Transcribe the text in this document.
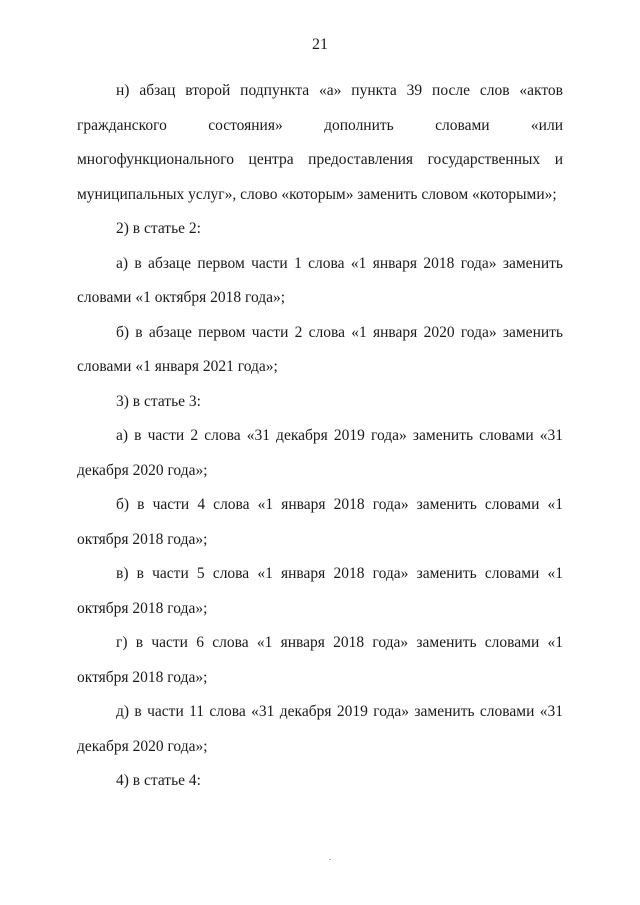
21

н) абзац второй подпункта «а» пункта 39 после слов «актов гражданского состояния» дополнить словами «или многофункционального центра предоставления государственных и муниципальных услуг», слово «которым» заменить словом «которыми»;

2) в статье 2:

а) в абзаце первом части 1 слова «1 января 2018 года» заменить словами «1 октября 2018 года»;

б) в абзаце первом части 2 слова «1 января 2020 года» заменить словами «1 января 2021 года»;

3) в статье 3:

а) в части 2 слова «31 декабря 2019 года» заменить словами «31 декабря 2020 года»;

б) в части 4 слова «1 января 2018 года» заменить словами «1 октября 2018 года»;

в) в части 5 слова «1 января 2018 года» заменить словами «1 октября 2018 года»;

г) в части 6 слова «1 января 2018 года» заменить словами «1 октября 2018 года»;

д) в части 11 слова «31 декабря 2019 года» заменить словами «31 декабря 2020 года»;

4) в статье 4:
